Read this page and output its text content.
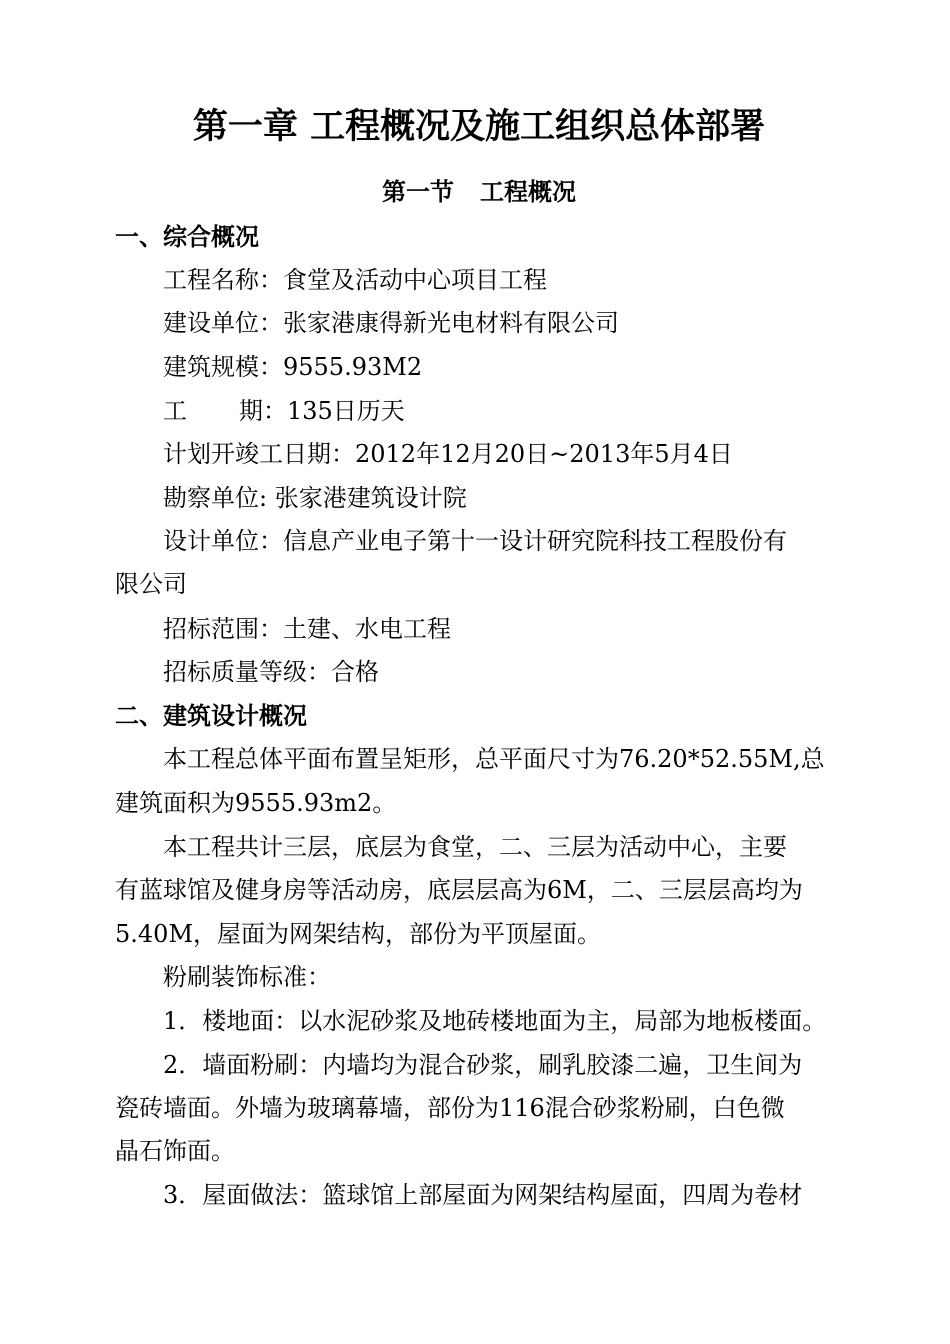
第一章 工程概况及施工组织总体部署
第一节 工程概况
一、综合概况
工程名称：食堂及活动中心项目工程
建设单位：张家港康得新光电材料有限公司
建筑规模：9555.93M2
工 期：135日历天
计划开竣工日期：2012年12月20日~2013年5月4日
勘察单位: 张家港建筑设计院
设计单位：信息产业电子第十一设计研究院科技工程股份有
限公司
招标范围：土建、水电工程
招标质量等级：合格
二、建筑设计概况
本工程总体平面布置呈矩形，总平面尺寸为76.20*52.55M,总
建筑面积为9555.93m2。
本工程共计三层，底层为食堂，二、三层为活动中心，主要
有蓝球馆及健身房等活动房，底层层高为6M，二、三层层高均为
5.40M，屋面为网架结构，部份为平顶屋面。
粉刷装饰标准：
1．楼地面：以水泥砂浆及地砖楼地面为主，局部为地板楼面。
2．墙面粉刷：内墙均为混合砂浆，刷乳胶漆二遍，卫生间为
瓷砖墙面。外墙为玻璃幕墙，部份为116混合砂浆粉刷，白色微
晶石饰面。
3．屋面做法：篮球馆上部屋面为网架结构屋面，四周为卷材
